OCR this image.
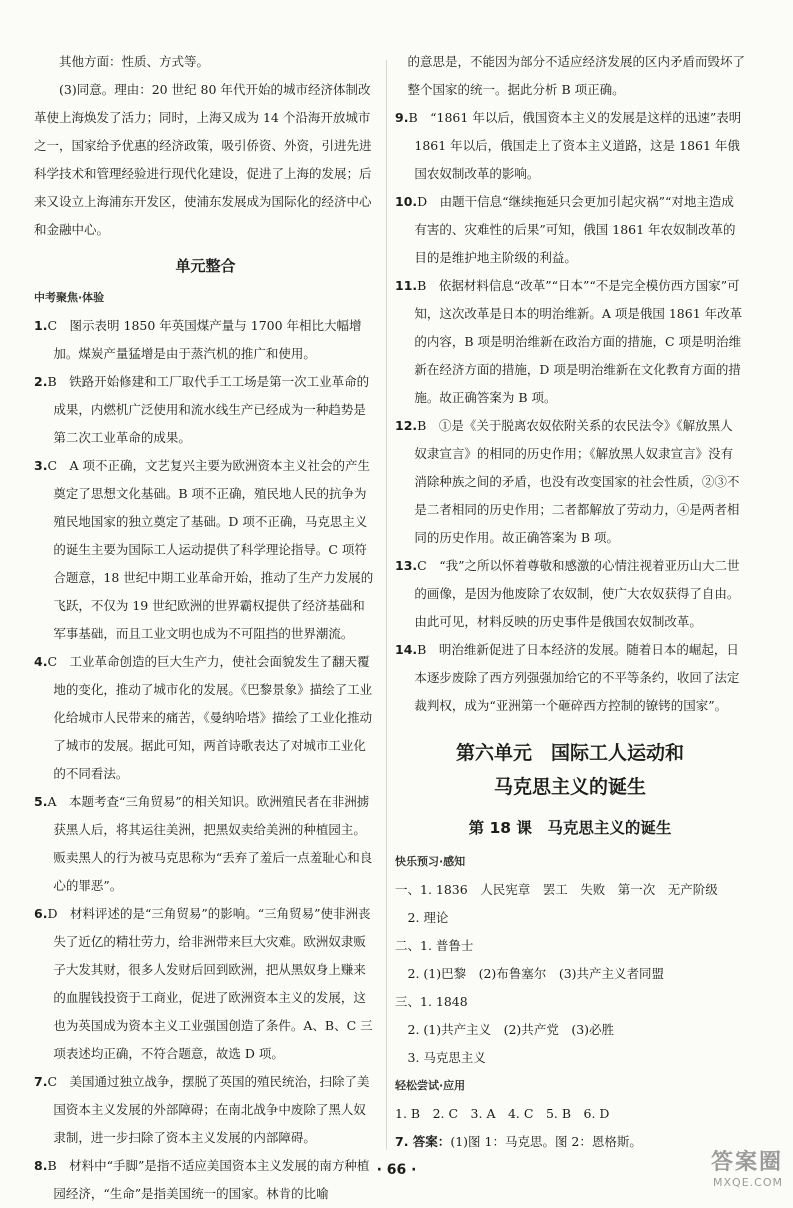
其他方面：性质、方式等。

(3)同意。理由：20 世纪 80 年代开始的城市经济体制改革使上海焕发了活力；同时，上海又成为 14 个沿海开放城市之一，国家给予优惠的经济政策，吸引侨资、外资，引进先进科学技术和管理经验进行现代化建设，促进了上海的发展；后来又设立上海浦东开发区，使浦东发展成为国际化的经济中心和金融中心。

单元整合
中考聚焦·体验

1.C　图示表明 1850 年英国煤产量与 1700 年相比大幅增加。煤炭产量猛增是由于蒸汽机的推广和使用。

2.B　铁路开始修建和工厂取代手工工场是第一次工业革命的成果，内燃机广泛使用和流水线生产已经成为一种趋势是第二次工业革命的成果。

3.C　A 项不正确，文艺复兴主要为欧洲资本主义社会的产生奠定了思想文化基础。B 项不正确，殖民地人民的抗争为殖民地国家的独立奠定了基础。D 项不正确，马克思主义的诞生主要为国际工人运动提供了科学理论指导。C 项符合题意，18 世纪中期工业革命开始，推动了生产力发展的飞跃，不仅为 19 世纪欧洲的世界霸权提供了经济基础和军事基础，而且工业文明也成为不可阻挡的世界潮流。

4.C　工业革命创造的巨大生产力，使社会面貌发生了翻天覆地的变化，推动了城市化的发展。《巴黎景象》描绘了工业化给城市人民带来的痛苦，《曼纳哈塔》描绘了工业化推动了城市的发展。据此可知，两首诗歌表达了对城市工业化的不同看法。

5.A　本题考查“三角贸易”的相关知识。欧洲殖民者在非洲掳获黑人后，将其运往美洲，把黑奴卖给美洲的种植园主。贩卖黑人的行为被马克思称为“丢弃了羞后一点羞耻心和良心的罪恶”。

6.D　材料评述的是“三角贸易”的影响。“三角贸易”使非洲丧失了近亿的精壮劳力，给非洲带来巨大灾难。欧洲奴隶贩子大发其财，很多人发财后回到欧洲，把从黑奴身上赚来的血腥钱投资于工商业，促进了欧洲资本主义的发展，这也为英国成为资本主义工业强国创造了条件。A、B、C 三项表述均正确，不符合题意，故选 D 项。

7.C　美国通过独立战争，摆脱了英国的殖民统治，扫除了美国资本主义发展的外部障碍；在南北战争中废除了黑人奴隶制，进一步扫除了资本主义发展的内部障碍。

8.B　材料中“手脚”是指不适应美国资本主义发展的南方种植园经济，“生命”是指美国统一的国家。林肯的比喻

的意思是，不能因为部分不适应经济发展的区内矛盾而毁坏了整个国家的统一。据此分析 B 项正确。

9.B　“1861 年以后，俄国资本主义的发展是这样的迅速”表明 1861 年以后，俄国走上了资本主义道路，这是 1861 年俄国农奴制改革的影响。

10.D　由题干信息“继续拖延只会更加引起灾祸”“对地主造成有害的、灾难性的后果”可知，俄国 1861 年农奴制改革的目的是维护地主阶级的利益。

11.B　依据材料信息“改革”“日本”“不是完全模仿西方国家”可知，这次改革是日本的明治维新。A 项是俄国 1861 年改革的内容，B 项是明治维新在政治方面的措施，C 项是明治维新在经济方面的措施，D 项是明治维新在文化教育方面的措施。故正确答案为 B 项。

12.B　①是《关于脱离农奴依附关系的农民法令》《解放黑人奴隶宣言》的相同的历史作用；《解放黑人奴隶宣言》没有消除种族之间的矛盾，也没有改变国家的社会性质，②③不是二者相同的历史作用；二者都解放了劳动力，④是两者相同的历史作用。故正确答案为 B 项。

13.C　“我”之所以怀着尊敬和感激的心情注视着亚历山大二世的画像，是因为他废除了农奴制，使广大农奴获得了自由。由此可见，材料反映的历史事件是俄国农奴制改革。

14.B　明治维新促进了日本经济的发展。随着日本的崛起，日本逐步废除了西方列强强加给它的不平等条约，收回了法定裁判权，成为“亚洲第一个砸碎西方控制的镣铐的国家”。

第六单元　国际工人运动和
马克思主义的诞生
第 18 课　马克思主义的诞生
快乐预习·感知

一、1. 1836　人民宪章　罢工　失败　第一次　无产阶级

2. 理论

二、1. 普鲁士

2. (1)巴黎　(2)布鲁塞尔　(3)共产主义者同盟

三、1. 1848

2. (1)共产主义　(2)共产党　(3)必胜

3. 马克思主义

轻松尝试·应用

1. B　2. C　3. A　4. C　5. B　6. D

7. 答案：(1)图 1：马克思。图 2：恩格斯。

· 66 ·	答案圈
MXQE.COM
